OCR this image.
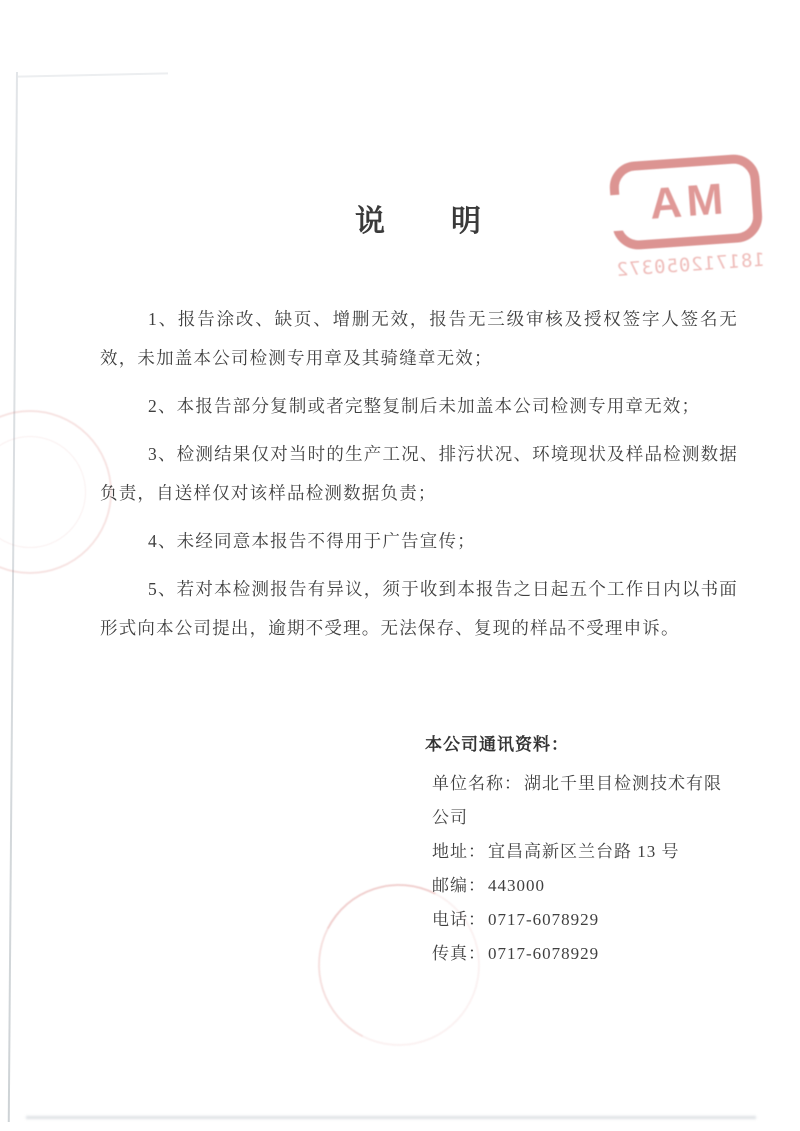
MA
181712050372
说　　明

1、报告涂改、缺页、增删无效，报告无三级审核及授权签字人签名无效，未加盖本公司检测专用章及其骑缝章无效；

2、本报告部分复制或者完整复制后未加盖本公司检测专用章无效；

3、检测结果仅对当时的生产工况、排污状况、环境现状及样品检测数据负责，自送样仅对该样品检测数据负责；

4、未经同意本报告不得用于广告宣传；

5、若对本检测报告有异议，须于收到本报告之日起五个工作日内以书面形式向本公司提出，逾期不受理。无法保存、复现的样品不受理申诉。

本公司通讯资料：
单位名称： 湖北千里目检测技术有限公司
地址： 宜昌高新区兰台路 13 号
邮编： 443000
电话： 0717-6078929
传真： 0717-6078929
